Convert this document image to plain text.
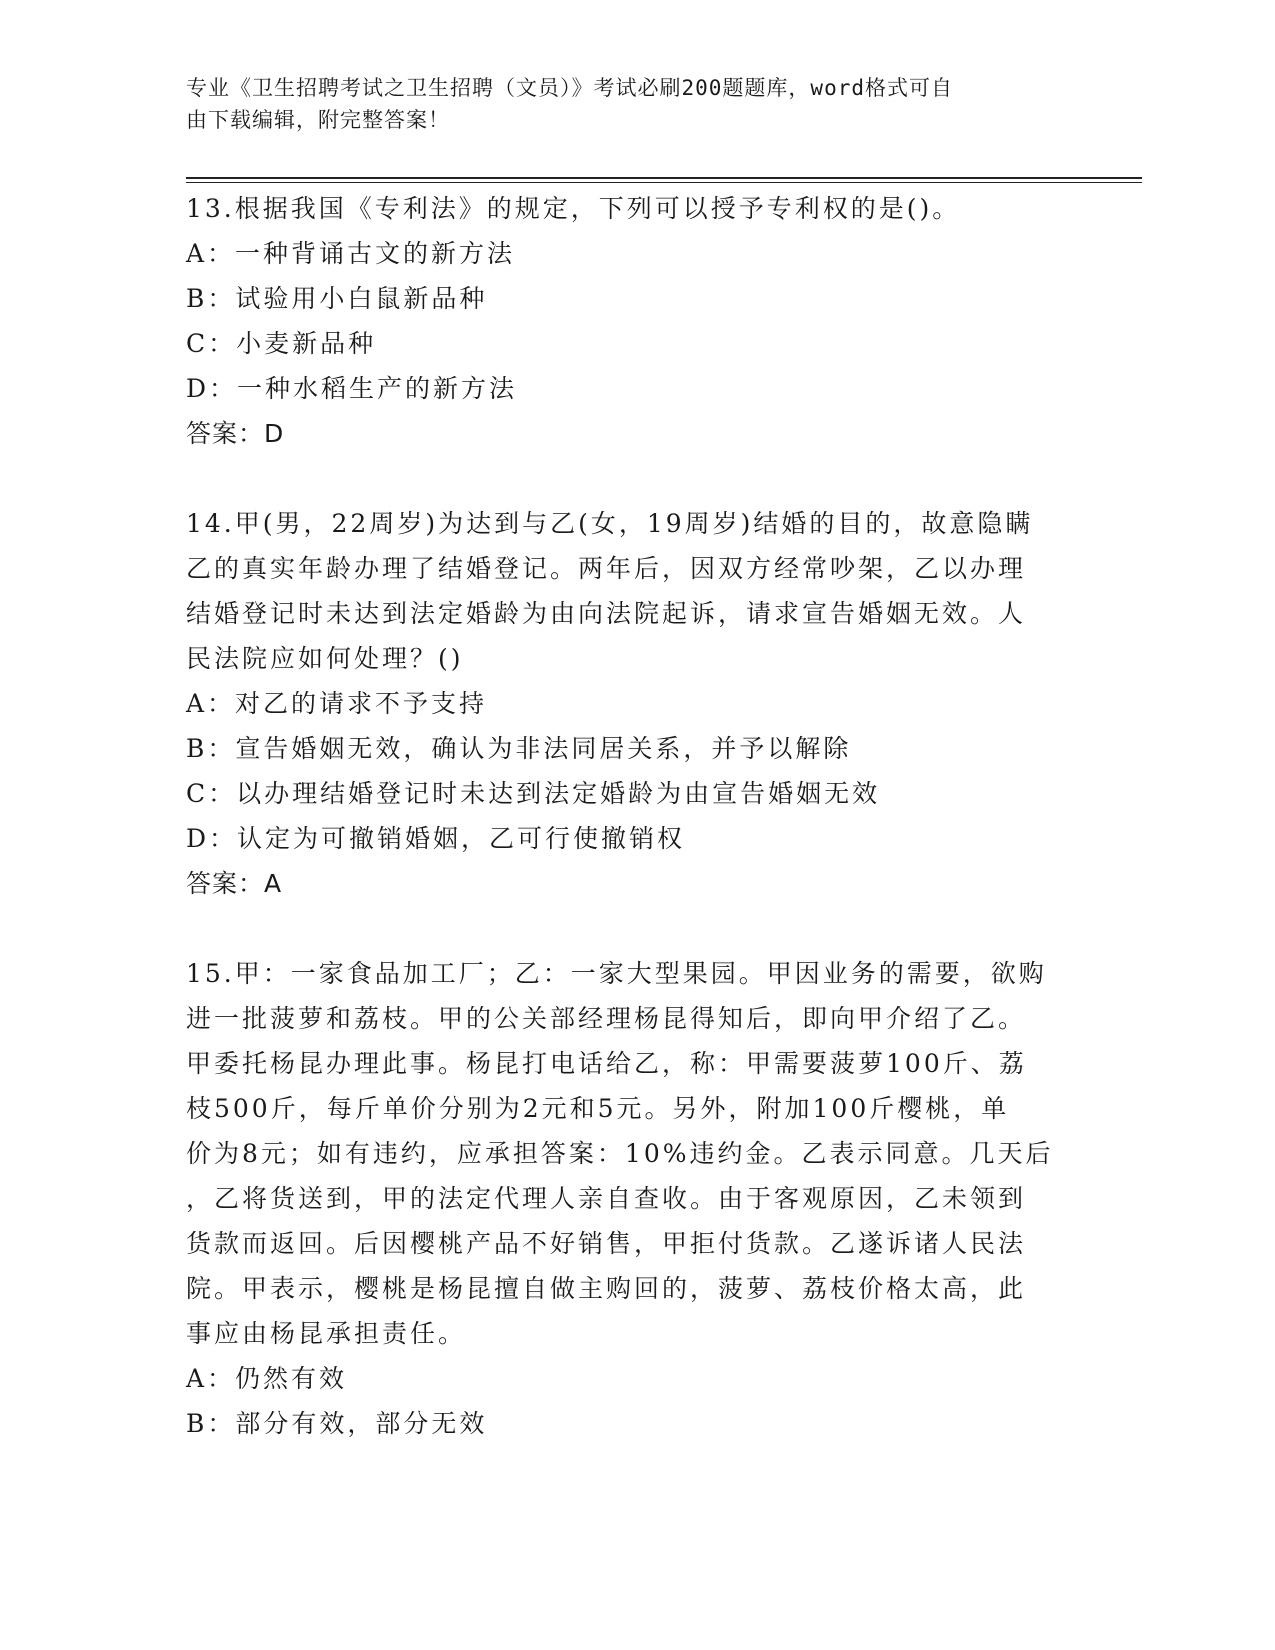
专业《卫生招聘考试之卫生招聘（文员）》考试必刷200题题库，word格式可自
由下载编辑，附完整答案！

13.根据我国《专利法》的规定，下列可以授予专利权的是()。

A：一种背诵古文的新方法

B：试验用小白鼠新品种

C：小麦新品种

D：一种水稻生产的新方法

答案：D

14.甲(男，22周岁)为达到与乙(女，19周岁)结婚的目的，故意隐瞒

乙的真实年龄办理了结婚登记。两年后，因双方经常吵架，乙以办理

结婚登记时未达到法定婚龄为由向法院起诉，请求宣告婚姻无效。人

民法院应如何处理？()

A：对乙的请求不予支持

B：宣告婚姻无效，确认为非法同居关系，并予以解除

C：以办理结婚登记时未达到法定婚龄为由宣告婚姻无效

D：认定为可撤销婚姻，乙可行使撤销权

答案：A

15.甲：一家食品加工厂；乙：一家大型果园。甲因业务的需要，欲购

进一批菠萝和荔枝。甲的公关部经理杨昆得知后，即向甲介绍了乙。

甲委托杨昆办理此事。杨昆打电话给乙，称：甲需要菠萝100斤、荔

枝500斤，每斤单价分别为2元和5元。另外，附加100斤樱桃，单

价为8元；如有违约，应承担答案：10%违约金。乙表示同意。几天后

，乙将货送到，甲的法定代理人亲自查收。由于客观原因，乙未领到

货款而返回。后因樱桃产品不好销售，甲拒付货款。乙遂诉诸人民法

院。甲表示，樱桃是杨昆擅自做主购回的，菠萝、荔枝价格太高，此

事应由杨昆承担责任。

A：仍然有效

B：部分有效，部分无效
